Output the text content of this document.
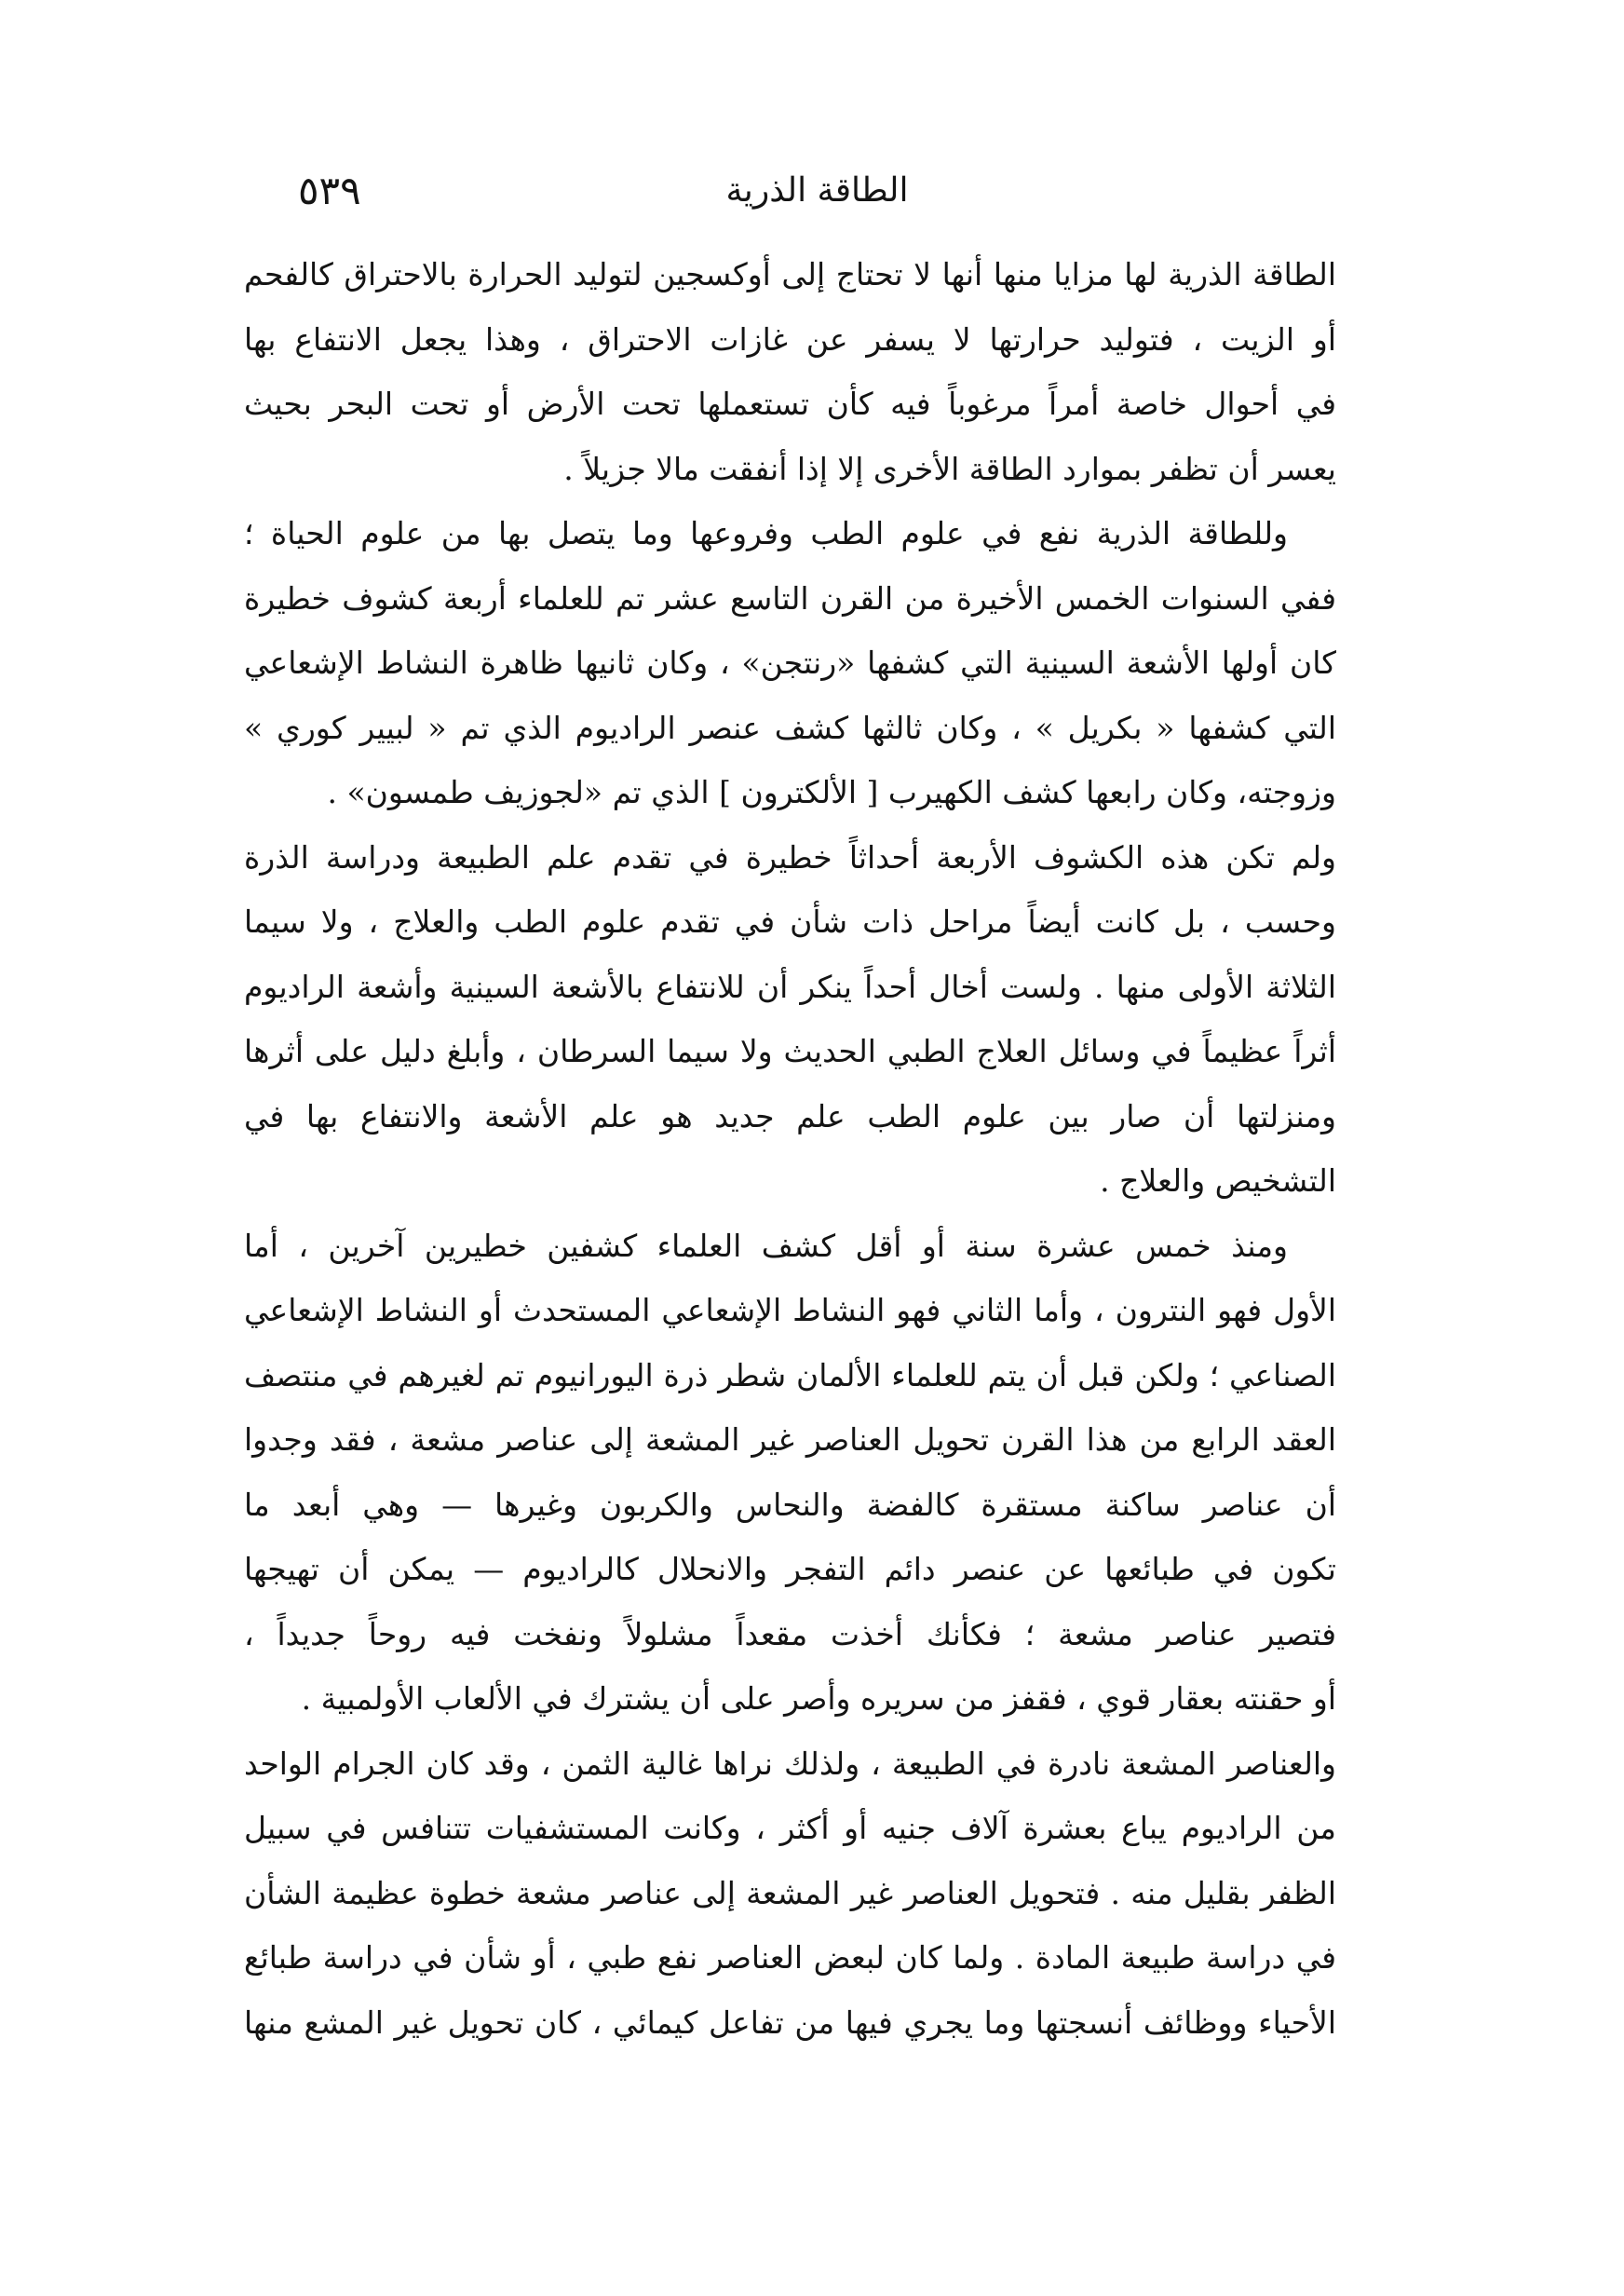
٥٣٩	الطاقة الذرية
الطاقة الذرية لها مزايا منها أنها لا تحتاج إلى أوكسجين لتوليد الحرارة بالاحتراق كالفحم
أو الزيت ، فتوليد حرارتها لا يسفر عن غازات الاحتراق ، وهذا يجعل الانتفاع بها
في أحوال خاصة أمراً مرغوباً فيه كأن تستعملها تحت الأرض أو تحت البحر بحيث
يعسر أن تظفر بموارد الطاقة الأخرى إلا إذا أنفقت مالا جزيلاً .
وللطاقة الذرية نفع في علوم الطب وفروعها وما يتصل بها من علوم الحياة ؛
ففي السنوات الخمس الأخيرة من القرن التاسع عشر تم للعلماء أربعة كشوف خطيرة
كان أولها الأشعة السينية التي كشفها «رنتجن» ، وكان ثانيها ظاهرة النشاط الإشعاعي
التي كشفها « بكريل » ، وكان ثالثها كشف عنصر الراديوم الذي تم « لبيير كوري »
وزوجته، وكان رابعها كشف الكهيرب [ الألكترون ] الذي تم «لجوزيف طمسون» .
ولم تكن هذه الكشوف الأربعة أحداثاً خطيرة في تقدم علم الطبيعة ودراسة الذرة
وحسب ، بل كانت أيضاً مراحل ذات شأن في تقدم علوم الطب والعلاج ، ولا سيما
الثلاثة الأولى منها . ولست أخال أحداً ينكر أن للانتفاع بالأشعة السينية وأشعة الراديوم
أثراً عظيماً في وسائل العلاج الطبي الحديث ولا سيما السرطان ، وأبلغ دليل على أثرها
ومنزلتها أن صار بين علوم الطب علم جديد هو علم الأشعة والانتفاع بها في
التشخيص والعلاج .
ومنذ خمس عشرة سنة أو أقل كشف العلماء كشفين خطيرين آخرين ، أما
الأول فهو النترون ، وأما الثاني فهو النشاط الإشعاعي المستحدث أو النشاط الإشعاعي
الصناعي ؛ ولكن قبل أن يتم للعلماء الألمان شطر ذرة اليورانيوم تم لغيرهم في منتصف
العقد الرابع من هذا القرن تحويل العناصر غير المشعة إلى عناصر مشعة ، فقد وجدوا
أن عناصر ساكنة مستقرة كالفضة والنحاس والكربون وغيرها — وهي أبعد ما
تكون في طبائعها عن عنصر دائم التفجر والانحلال كالراديوم — يمكن أن تهيجها
فتصير عناصر مشعة ؛ فكأنك أخذت مقعداً مشلولاً ونفخت فيه روحاً جديداً ،
أو حقنته بعقار قوي ، فقفز من سريره وأصر على أن يشترك في الألعاب الأولمبية .
والعناصر المشعة نادرة في الطبيعة ، ولذلك نراها غالية الثمن ، وقد كان الجرام الواحد
من الراديوم يباع بعشرة آلاف جنيه أو أكثر ، وكانت المستشفيات تتنافس في سبيل
الظفر بقليل منه . فتحويل العناصر غير المشعة إلى عناصر مشعة خطوة عظيمة الشأن
في دراسة طبيعة المادة . ولما كان لبعض العناصر نفع طبي ، أو شأن في دراسة طبائع
الأحياء ووظائف أنسجتها وما يجري فيها من تفاعل كيمائي ، كان تحويل غير المشع منها
